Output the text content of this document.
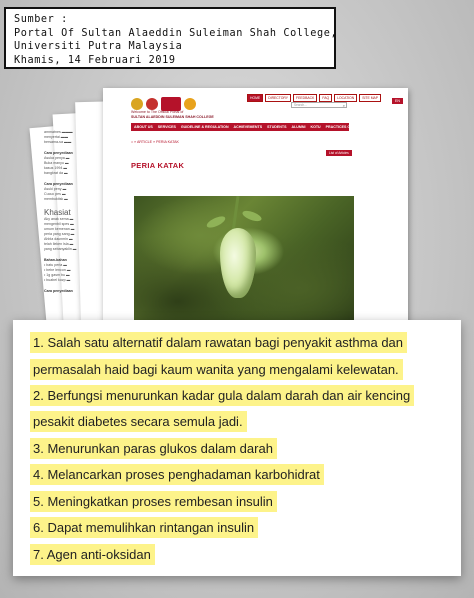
Sumber :
Portal Of Sultan Alaeddin Suleiman Shah College,
Universiti Putra Malaysia
Khamis, 14 Februari 2019
ammatnes ▬▬▬
menyertai ▬▬
bersama-sa ▬▬
Cara penyediaan
Asuka penya ▬
Buka manyu ▬
kasus 1994 ▬
bangkrat da ▬
Cara penyediaan
Asuki peny ▬
Cucuc pes ▬
membuktisk ▬
Khasiat
Aky anak sema ▬
mengenbil spes ▬
umum kemenan ▬
peria yang sang ▬
Ahbla daunmin ▬
telah lleken lsla ▬
yang sebanyaklin ▬
Bahan-bahan
• batu peria ▬
• bebe lencon ▬
• 1g gasm bu ▬
• buabel kuzp ▬
Cara penyediaan
Welcome to The Official Portal of
SULTAN ALAEDDIN SULEIMAN SHAH COLLEGE
HOME	DIRECTORY	FEEDBACK	FAQ	LOCATION	SITE MAP
Search...	⌕
EN
ABOUT US SERVICES GUIDELINE & REGULATION ACHIEVEMENTS STUDENTS ALUMNI KOTU PRACTICES OF 5S
⌂ » ARTICLE » PERIA KATAK
List of Articles
PERIA KATAK
1. Salah satu alternatif dalam rawatan bagi penyakit asthma dan
permasalah haid bagi kaum wanita yang mengalami kelewatan.
2. Berfungsi menurunkan kadar gula dalam darah dan air kencing
pesakit diabetes secara semula jadi.
3. Menurunkan paras glukos dalam darah
4. Melancarkan proses penghadaman karbohidrat
5. Meningkatkan proses rembesan insulin
6. Dapat memulihkan rintangan insulin
7. Agen anti-oksidan
